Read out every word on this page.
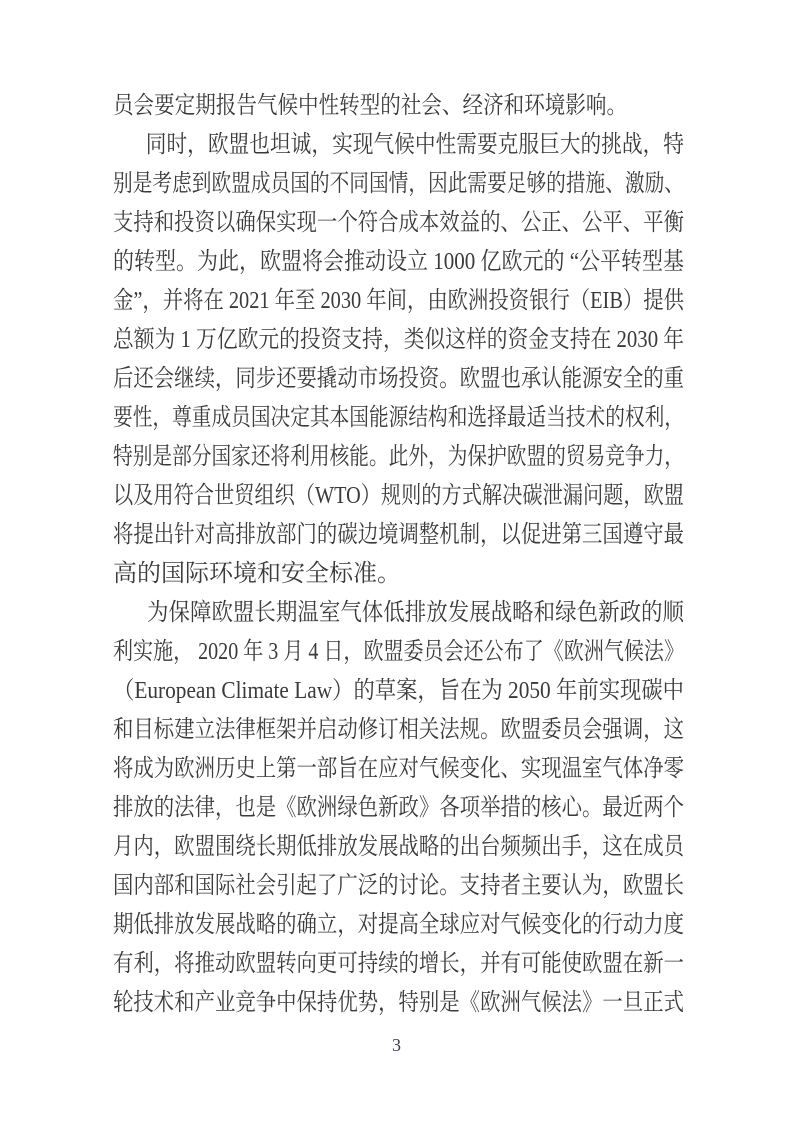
员会要定期报告气候中性转型的社会、经济和环境影响。
同时，欧盟也坦诚，实现气候中性需要克服巨大的挑战，特
别是考虑到欧盟成员国的不同国情，因此需要足够的措施、激励、
支持和投资以确保实现一个符合成本效益的、公正、公平、平衡
的转型。为此，欧盟将会推动设立 1000 亿欧元的 “公平转型基
金”，并将在 2021 年至 2030 年间，由欧洲投资银行（EIB）提供
总额为 1 万亿欧元的投资支持，类似这样的资金支持在 2030 年
后还会继续，同步还要撬动市场投资。欧盟也承认能源安全的重
要性，尊重成员国决定其本国能源结构和选择最适当技术的权利，
特别是部分国家还将利用核能。此外，为保护欧盟的贸易竞争力，
以及用符合世贸组织（WTO）规则的方式解决碳泄漏问题，欧盟
将提出针对高排放部门的碳边境调整机制，以促进第三国遵守最
高的国际环境和安全标准。
为保障欧盟长期温室气体低排放发展战略和绿色新政的顺
利实施， 2020 年 3 月 4 日，欧盟委员会还公布了《欧洲气候法》
（European Climate Law）的草案，旨在为 2050 年前实现碳中
和目标建立法律框架并启动修订相关法规。欧盟委员会强调，这
将成为欧洲历史上第一部旨在应对气候变化、实现温室气体净零
排放的法律，也是《欧洲绿色新政》各项举措的核心。最近两个
月内，欧盟围绕长期低排放发展战略的出台频频出手，这在成员
国内部和国际社会引起了广泛的讨论。支持者主要认为，欧盟长
期低排放发展战略的确立，对提高全球应对气候变化的行动力度
有利，将推动欧盟转向更可持续的增长，并有可能使欧盟在新一
轮技术和产业竞争中保持优势，特别是《欧洲气候法》一旦正式
3
